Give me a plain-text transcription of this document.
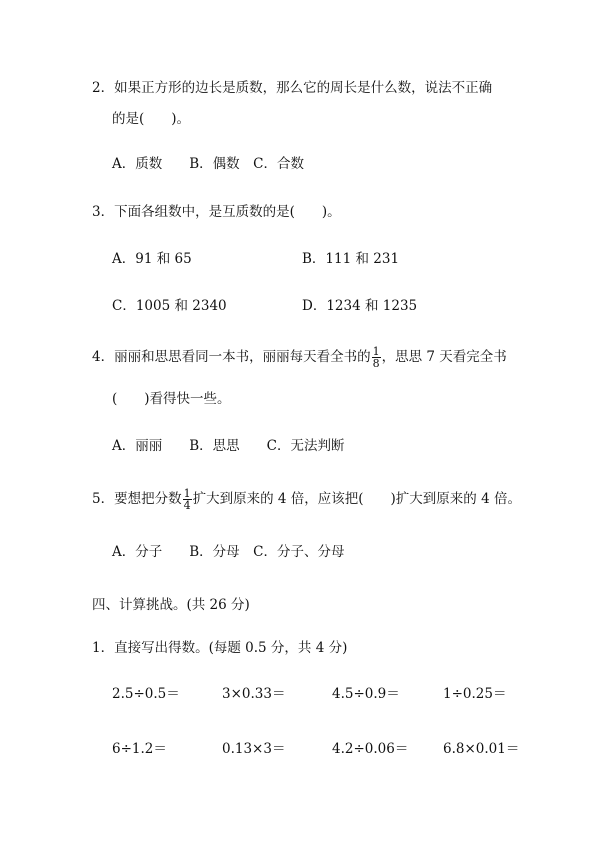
2．如果正方形的边长是质数，那么它的周长是什么数，说法不正确
的是(　　)。
A．质数　　B．偶数　C．合数
3．下面各组数中，是互质数的是(　　)。
A．91 和 65	B．111 和 231
C．1005 和 2340	D．1234 和 1235
4．丽丽和思思看同一本书，丽丽每天看全书的 $\frac{1}{8}$ ，思思 7 天看完全书
(　　)看得快一些。
A．丽丽　　B．思思　　C．无法判断
5．要想把分数 $\frac{1}{4}$ 扩大到原来的 4 倍，应该把(　　)扩大到原来的 4 倍。
A．分子　　B．分母　C．分子、分母
四、计算挑战。(共 26 分)
1．直接写出得数。(每题 0.5 分，共 4 分)
2.5÷0.5＝	3×0.33＝	4.5÷0.9＝	1÷0.25＝
6÷1.2＝	0.13×3＝	4.2÷0.06＝	6.8×0.01＝
